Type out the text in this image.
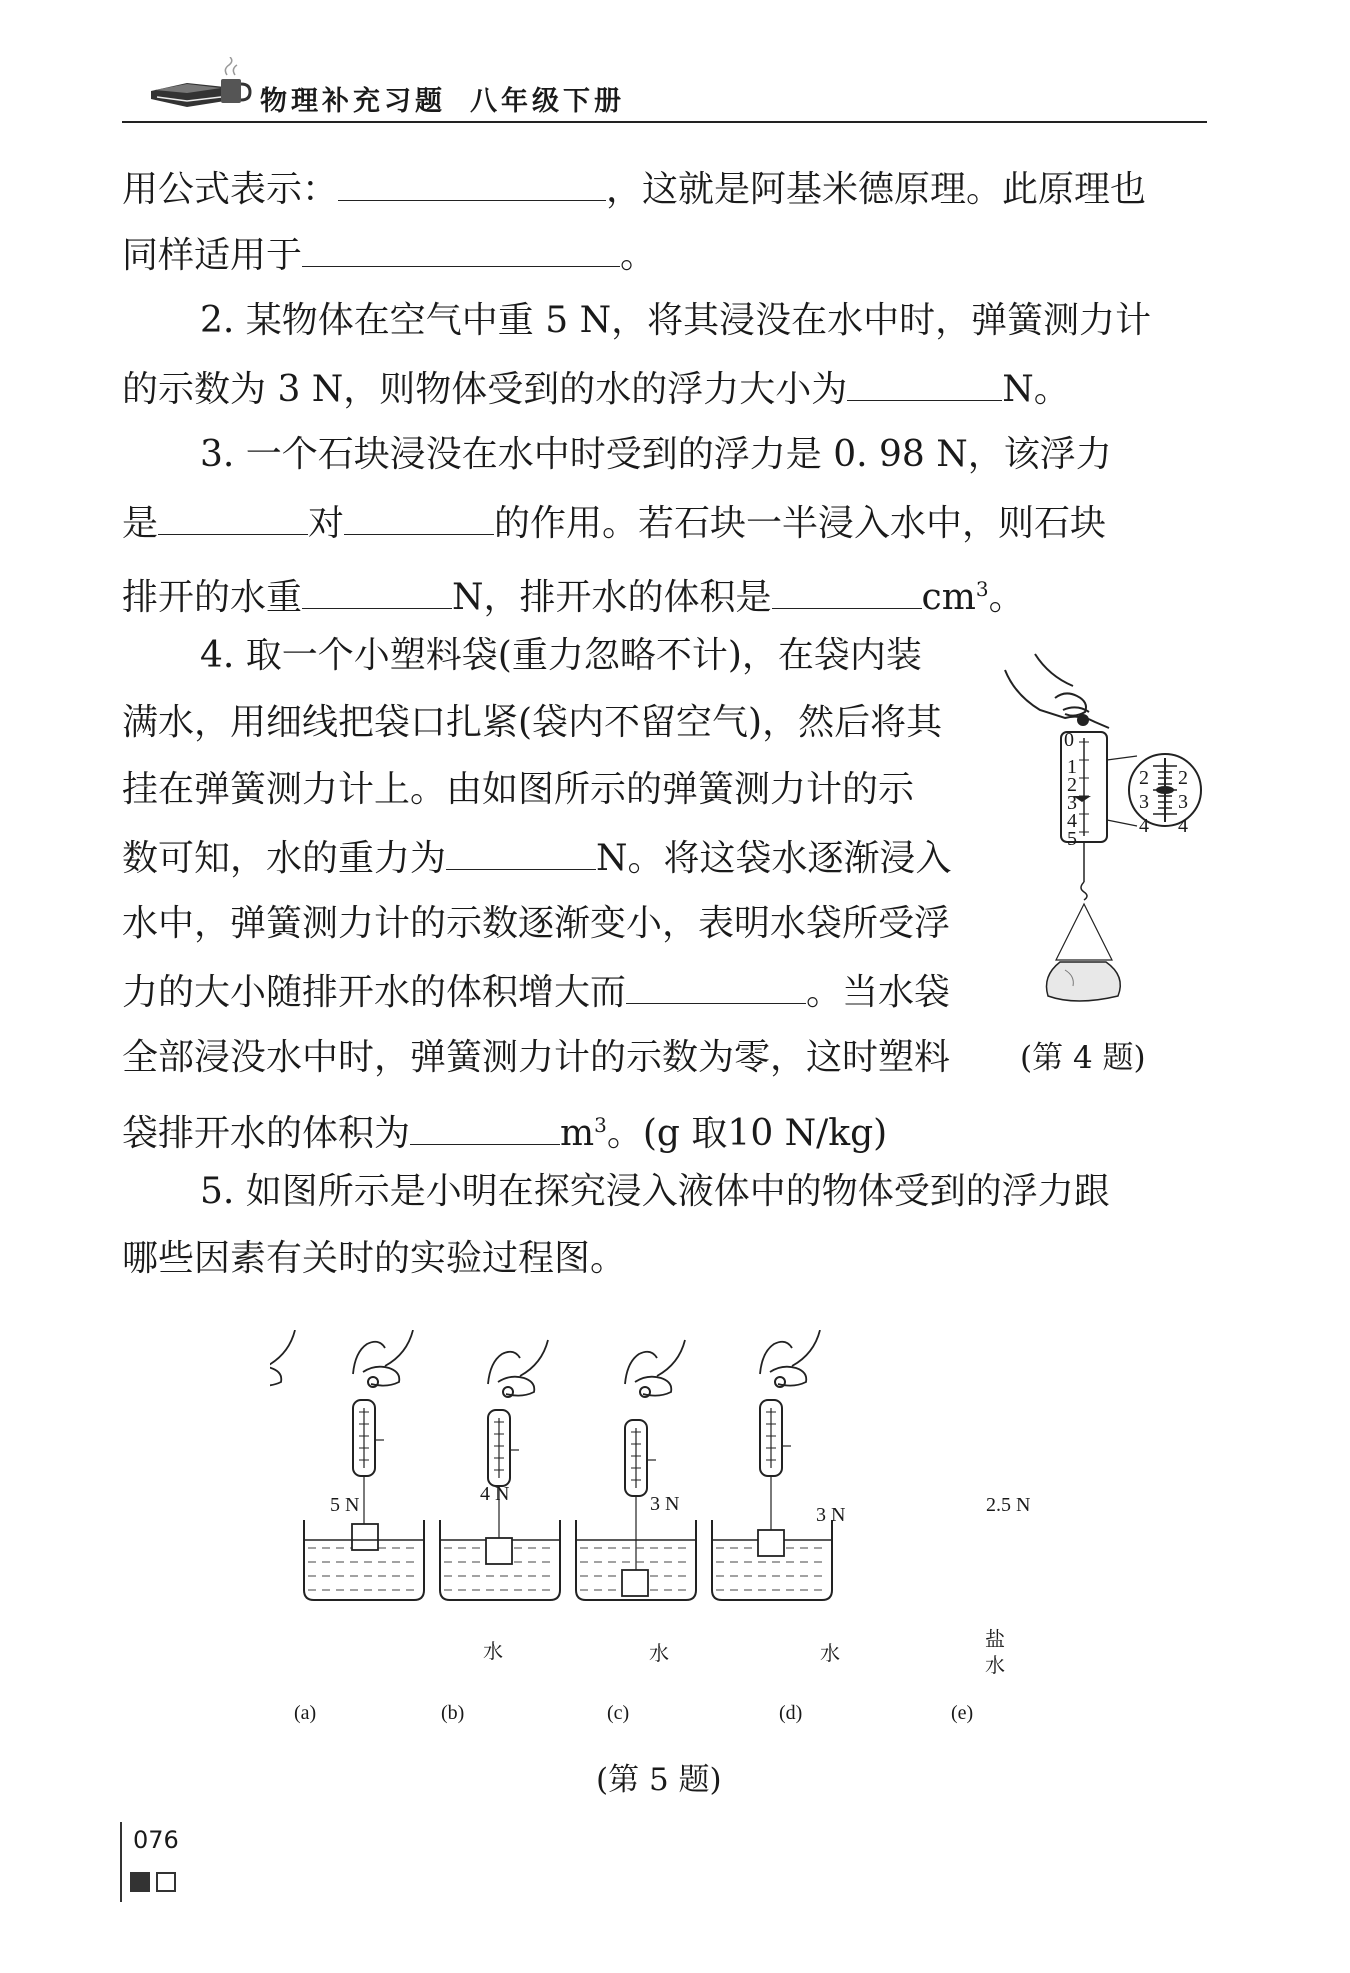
物理补充习题 八年级下册
用公式表示：	，这就是阿基米德原理。此原理也
同样适用于	。
2. 某物体在空气中重 5 N，将其浸没在水中时，弹簧测力计
的示数为 3 N，则物体受到的水的浮力大小为	N。
3. 一个石块浸没在水中时受到的浮力是 0. 98 N，该浮力
是	对	的作用。若石块一半浸入水中，则石块
排开的水重	N，排开水的体积是	$cm^3$。
4. 取一个小塑料袋(重力忽略不计)，在袋内装
满水，用细线把袋口扎紧(袋内不留空气)，然后将其
挂在弹簧测力计上。由如图所示的弹簧测力计的示
数可知，水的重力为	N。将这袋水逐渐浸入
水中，弹簧测力计的示数逐渐变小，表明水袋所受浮
力的大小随排开水的体积增大而	。当水袋
全部浸没水中时，弹簧测力计的示数为零，这时塑料
袋排开水的体积为	$m^3$。(g 取10 N/kg)
0
1
2
3
4
5
2
3
4
2
3
4
(第 4 题)
5. 如图所示是小明在探究浸入液体中的物体受到的浮力跟
哪些因素有关时的实验过程图。
5 N	4 N	3 N	3 N	2.5 N
水	水	水
盐水
(a)	(b)	(c)	(d)	(e)
(第 5 题)
076
